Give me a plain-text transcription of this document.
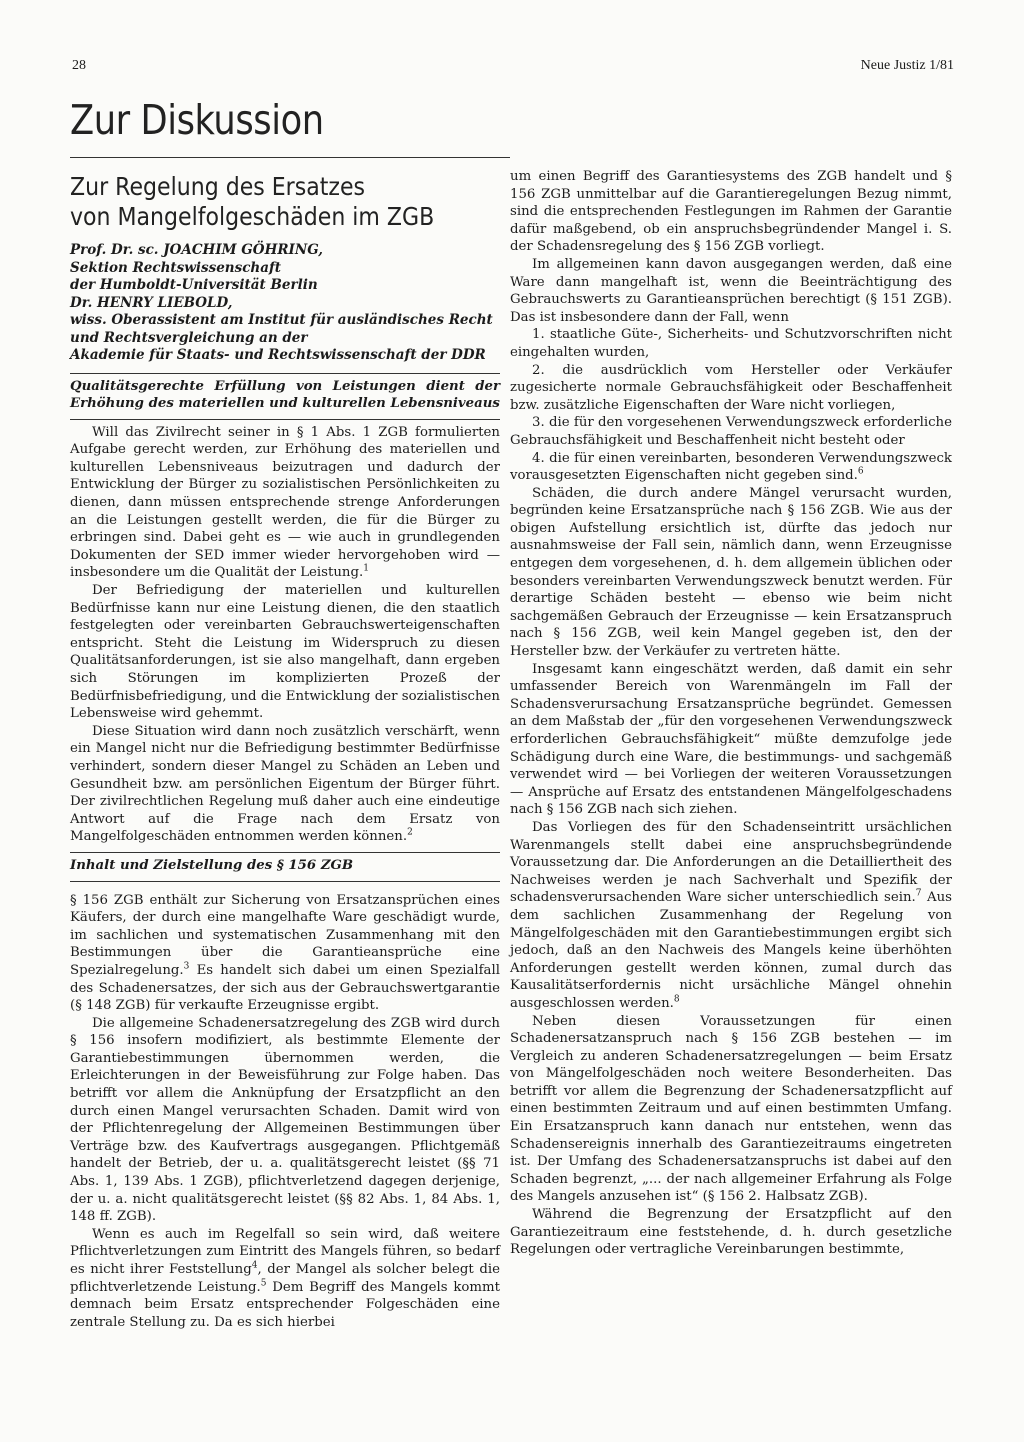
28	Neue Justiz 1/81
Zur Diskussion
Zur Regelung des Ersatzes
von Mangelfolgeschäden im ZGB
Prof. Dr. sc. JOACHIM GÖHRING,
Sektion Rechtswissenschaft
der Humboldt-Universität Berlin
Dr. HENRY LIEBOLD,
wiss. Oberassistent am Institut für ausländisches Recht
und Rechtsvergleichung an der
Akademie für Staats- und Rechtswissenschaft der DDR
Qualitätsgerechte Erfüllung von Leistungen dient der Erhöhung des materiellen und kulturellen Lebensniveaus

Will das Zivilrecht seiner in § 1 Abs. 1 ZGB formulierten Aufgabe gerecht werden, zur Erhöhung des materiellen und kulturellen Lebensniveaus beizutragen und dadurch der Entwicklung der Bürger zu sozialistischen Persönlichkeiten zu dienen, dann müssen entsprechende strenge Anforderungen an die Leistungen gestellt werden, die für die Bürger zu erbringen sind. Dabei geht es — wie auch in grundlegenden Dokumenten der SED immer wieder hervorgehoben wird — insbesondere um die Qualität der Leistung.$^1$

Der Befriedigung der materiellen und kulturellen Bedürfnisse kann nur eine Leistung dienen, die den staatlich festgelegten oder vereinbarten Gebrauchswerteigenschaften entspricht. Steht die Leistung im Widerspruch zu diesen Qualitätsanforderungen, ist sie also mangelhaft, dann ergeben sich Störungen im komplizierten Prozeß der Bedürfnisbefriedigung, und die Entwicklung der sozialistischen Lebensweise wird gehemmt.

Diese Situation wird dann noch zusätzlich verschärft, wenn ein Mangel nicht nur die Befriedigung bestimmter Bedürfnisse verhindert, sondern dieser Mangel zu Schäden an Leben und Gesundheit bzw. am persönlichen Eigentum der Bürger führt. Der zivilrechtlichen Regelung muß daher auch eine eindeutige Antwort auf die Frage nach dem Ersatz von Mangelfolgeschäden entnommen werden können.$^2$

Inhalt und Zielstellung des § 156 ZGB

§ 156 ZGB enthält zur Sicherung von Ersatzansprüchen eines Käufers, der durch eine mangelhafte Ware geschädigt wurde, im sachlichen und systematischen Zusammenhang mit den Bestimmungen über die Garantieansprüche eine Spezialregelung.$^3$ Es handelt sich dabei um einen Spezialfall des Schadenersatzes, der sich aus der Gebrauchswertgarantie (§ 148 ZGB) für verkaufte Erzeugnisse ergibt.

Die allgemeine Schadenersatzregelung des ZGB wird durch § 156 insofern modifiziert, als bestimmte Elemente der Garantiebestimmungen übernommen werden, die Erleichterungen in der Beweisführung zur Folge haben. Das betrifft vor allem die Anknüpfung der Ersatzpflicht an den durch einen Mangel verursachten Schaden. Damit wird von der Pflichtenregelung der Allgemeinen Bestimmungen über Verträge bzw. des Kaufvertrags ausgegangen. Pflichtgemäß handelt der Betrieb, der u. a. qualitätsgerecht leistet (§§ 71 Abs. 1, 139 Abs. 1 ZGB), pflichtverletzend dagegen derjenige, der u. a. nicht qualitätsgerecht leistet (§§ 82 Abs. 1, 84 Abs. 1, 148 ff. ZGB).

Wenn es auch im Regelfall so sein wird, daß weitere Pflichtverletzungen zum Eintritt des Mangels führen, so bedarf es nicht ihrer Feststellung$^4$, der Mangel als solcher belegt die pflichtverletzende Leistung.$^5$ Dem Begriff des Mangels kommt demnach beim Ersatz entsprechender Folgeschäden eine zentrale Stellung zu. Da es sich hierbei

um einen Begriff des Garantiesystems des ZGB handelt und § 156 ZGB unmittelbar auf die Garantieregelungen Bezug nimmt, sind die entsprechenden Festlegungen im Rahmen der Garantie dafür maßgebend, ob ein anspruchsbegründender Mangel i. S. der Schadensregelung des § 156 ZGB vorliegt.

Im allgemeinen kann davon ausgegangen werden, daß eine Ware dann mangelhaft ist, wenn die Beeinträchtigung des Gebrauchswerts zu Garantieansprüchen berechtigt (§ 151 ZGB). Das ist insbesondere dann der Fall, wenn

1. staatliche Güte-, Sicherheits- und Schutzvorschriften nicht eingehalten wurden,

2. die ausdrücklich vom Hersteller oder Verkäufer zugesicherte normale Gebrauchsfähigkeit oder Beschaffenheit bzw. zusätzliche Eigenschaften der Ware nicht vorliegen,

3. die für den vorgesehenen Verwendungszweck erforderliche Gebrauchsfähigkeit und Beschaffenheit nicht besteht oder

4. die für einen vereinbarten, besonderen Verwendungszweck vorausgesetzten Eigenschaften nicht gegeben sind.$^6$

Schäden, die durch andere Mängel verursacht wurden, begründen keine Ersatzansprüche nach § 156 ZGB. Wie aus der obigen Aufstellung ersichtlich ist, dürfte das jedoch nur ausnahmsweise der Fall sein, nämlich dann, wenn Erzeugnisse entgegen dem vorgesehenen, d. h. dem allgemein üblichen oder besonders vereinbarten Verwendungszweck benutzt werden. Für derartige Schäden besteht — ebenso wie beim nicht sachgemäßen Gebrauch der Erzeugnisse — kein Ersatzanspruch nach § 156 ZGB, weil kein Mangel gegeben ist, den der Hersteller bzw. der Verkäufer zu vertreten hätte.

Insgesamt kann eingeschätzt werden, daß damit ein sehr umfassender Bereich von Warenmängeln im Fall der Schadensverursachung Ersatzansprüche begründet. Gemessen an dem Maßstab der „für den vorgesehenen Verwendungszweck erforderlichen Gebrauchsfähigkeit“ müßte demzufolge jede Schädigung durch eine Ware, die bestimmungs- und sachgemäß verwendet wird — bei Vorliegen der weiteren Voraussetzungen — Ansprüche auf Ersatz des entstandenen Mängelfolgeschadens nach § 156 ZGB nach sich ziehen.

Das Vorliegen des für den Schadenseintritt ursächlichen Warenmangels stellt dabei eine anspruchsbegründende Voraussetzung dar. Die Anforderungen an die Detailliertheit des Nachweises werden je nach Sachverhalt und Spezifik der schadensverursachenden Ware sicher unterschiedlich sein.$^7$ Aus dem sachlichen Zusammenhang der Regelung von Mängelfolgeschäden mit den Garantiebestimmungen ergibt sich jedoch, daß an den Nachweis des Mangels keine überhöhten Anforderungen gestellt werden können, zumal durch das Kausalitätserfordernis nicht ursächliche Mängel ohnehin ausgeschlossen werden.$^8$

Neben diesen Voraussetzungen für einen Schadenersatzanspruch nach § 156 ZGB bestehen — im Vergleich zu anderen Schadenersatzregelungen — beim Ersatz von Mängelfolgeschäden noch weitere Besonderheiten. Das betrifft vor allem die Begrenzung der Schadenersatzpflicht auf einen bestimmten Zeitraum und auf einen bestimmten Umfang. Ein Ersatzanspruch kann danach nur entstehen, wenn das Schadensereignis innerhalb des Garantiezeitraums eingetreten ist. Der Umfang des Schadenersatzanspruchs ist dabei auf den Schaden begrenzt, „... der nach allgemeiner Erfahrung als Folge des Mangels anzusehen ist“ (§ 156 2. Halbsatz ZGB).

Während die Begrenzung der Ersatzpflicht auf den Garantiezeitraum eine feststehende, d. h. durch gesetzliche Regelungen oder vertragliche Vereinbarungen bestimmte,
